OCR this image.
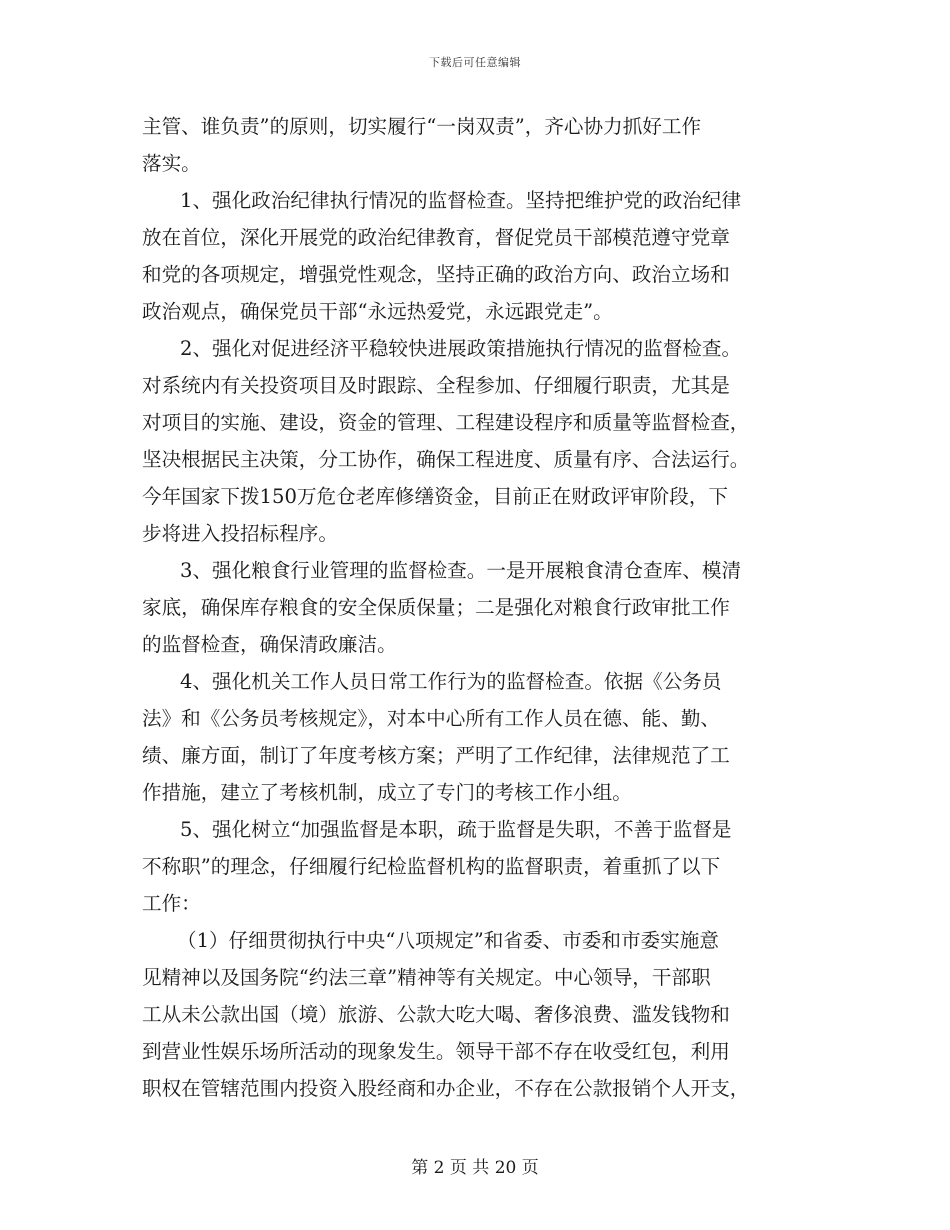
下载后可任意编辑
主管、谁负责”的原则，切实履行“一岗双责”，齐心协力抓好工作
落实。
1、强化政治纪律执行情况的监督检查。坚持把维护党的政治纪律
放在首位，深化开展党的政治纪律教育，督促党员干部模范遵守党章
和党的各项规定，增强党性观念，坚持正确的政治方向、政治立场和
政治观点，确保党员干部“永远热爱党，永远跟党走”。
2、强化对促进经济平稳较快进展政策措施执行情况的监督检查。
对系统内有关投资项目及时跟踪、全程参加、仔细履行职责，尤其是
对项目的实施、建设，资金的管理、工程建设程序和质量等监督检查，
坚决根据民主决策，分工协作，确保工程进度、质量有序、合法运行。
今年国家下拨150万危仓老库修缮资金，目前正在财政评审阶段，下
步将进入投招标程序。
3、强化粮食行业管理的监督检查。一是开展粮食清仓查库、模清
家底，确保库存粮食的安全保质保量；二是强化对粮食行政审批工作
的监督检查，确保清政廉洁。
4、强化机关工作人员日常工作行为的监督检查。依据《公务员
法》和《公务员考核规定》，对本中心所有工作人员在德、能、勤、
绩、廉方面，制订了年度考核方案；严明了工作纪律，法律规范了工
作措施，建立了考核机制，成立了专门的考核工作小组。
5、强化树立“加强监督是本职，疏于监督是失职，不善于监督是
不称职”的理念，仔细履行纪检监督机构的监督职责，着重抓了以下
工作：
（1）仔细贯彻执行中央“八项规定”和省委、市委和市委实施意
见精神以及国务院“约法三章”精神等有关规定。中心领导，干部职
工从未公款出国（境）旅游、公款大吃大喝、奢侈浪费、滥发钱物和
到营业性娱乐场所活动的现象发生。领导干部不存在收受红包，利用
职权在管辖范围内投资入股经商和办企业，不存在公款报销个人开支，
第 2 页 共 20 页
